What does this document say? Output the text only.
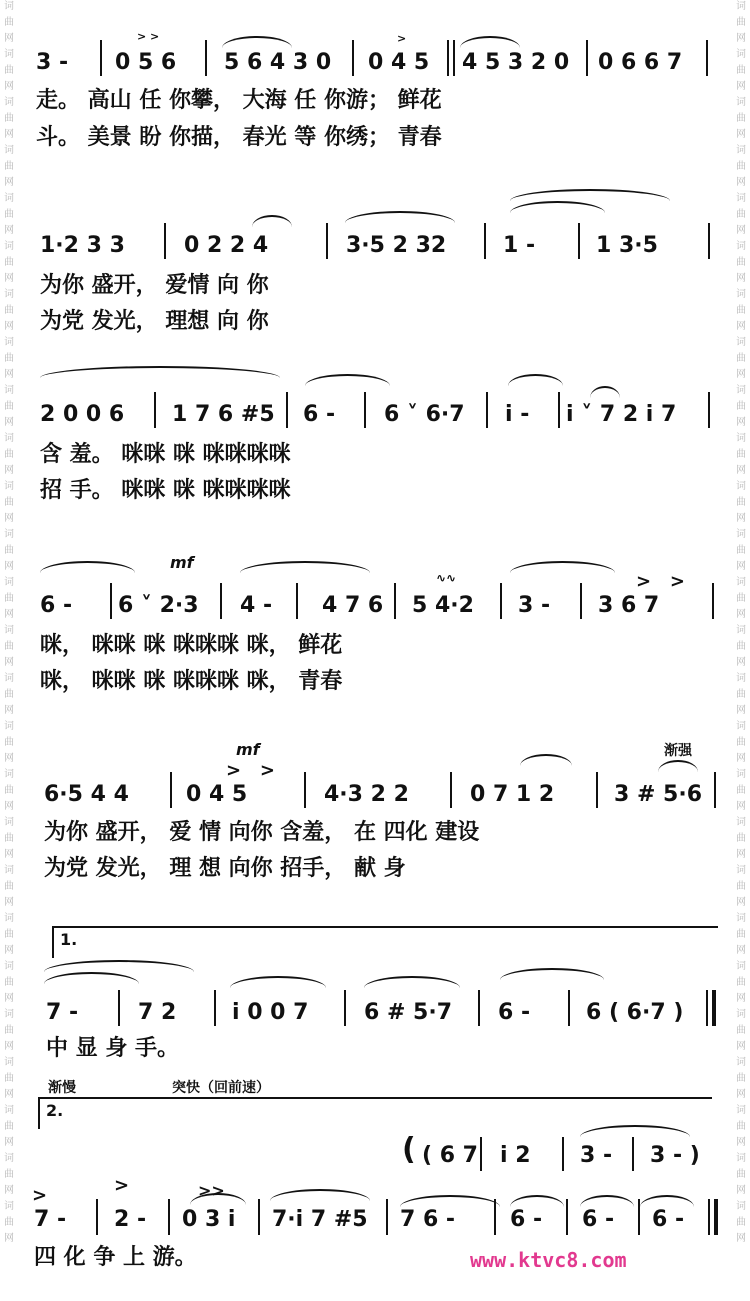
词
曲
网
词
曲
网
词
曲
网
词
曲
网
词
曲
网
词
曲
网
词
曲
网
词
曲
网
词
曲
网
词
曲
网
词
曲
网
词
曲
网
词
曲
网
词
曲
网
词
曲
网
词
曲
网
词
曲
网
词
曲
网
词
曲
网
词
曲
网
词
曲
网
词
曲
网
词
曲
网
词
曲
网
词
曲
网
词
曲
网
词
曲
网
词
曲
网
词
曲
网
词
曲
网
词
曲
网
词
曲
网
词
曲
网
词
曲
网
词
曲
网
词
曲
网
词
曲
网
词
曲
网
词
曲
网
词
曲
网
词
曲
网
词
曲
网
词
曲
网
词
曲
网
词
曲
网
词
曲
网
词
曲
网
词
曲
网
词
曲
网
词
曲
网
词
曲
网
词
曲
网
> >	>
3 - 0 5 6 5 6 4 3 0 0 4 5 4 5 3 2 0 0 6 6 7
走。 高山 任 你攀， 大海 任 你游； 鲜花
斗。 美景 盼 你描， 春光 等 你绣； 青春
1·2 3 3	0 2 2 4	3·5 2 32	1 -	1 3·5
为你 盛开， 爱情 向 你
为党 发光， 理想 向 你
2 0 0 6 1 7 6 #5 6 - 6 ˅ 6·7 i - i ˅ 7 2 i 7
含 羞。 咪咪 咪 咪咪咪咪
招 手。 咪咪 咪 咪咪咪咪
mf
∿∿	>   >
6 - 6 ˅ 2·3 4 - 4 7 6 5 4·2 3 - 3 6 7
咪， 咪咪 咪 咪咪咪 咪， 鲜花
咪， 咪咪 咪 咪咪咪 咪， 青春
mf	渐强
>   >
6·5 4 4	0 4 5	4·3 2 2	0 7 1 2	3 # 5·6
为你 盛开， 爱 情 向你 含羞， 在 四化 建设
为党 发光， 理 想 向你 招手， 献 身
1.
7 -	7 2	i 0 0 7	6 # 5·7 6 -	6 ( 6·7 )
中 显 身 手。
渐慢	突快（回前速）
2.
( ( 6 7 i 2 3 - 3 - )
>	>	>>
7 - 2 - 0 3 i 7·i 7 #5 7 6 - 6 - 6 - 6 -
四 化 争 上 游。	www.ktvc8.com
